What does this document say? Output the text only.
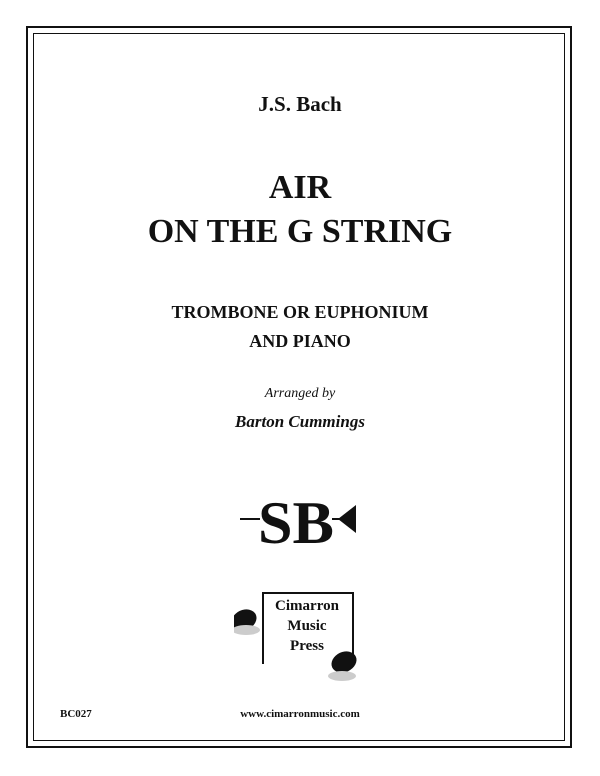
J.S. Bach
AIR
ON THE G STRING
TROMBONE OR EUPHONIUM
AND PIANO
Arranged by
Barton Cummings
SB
Cimarron
Music
Press
BC027	www.cimarronmusic.com
